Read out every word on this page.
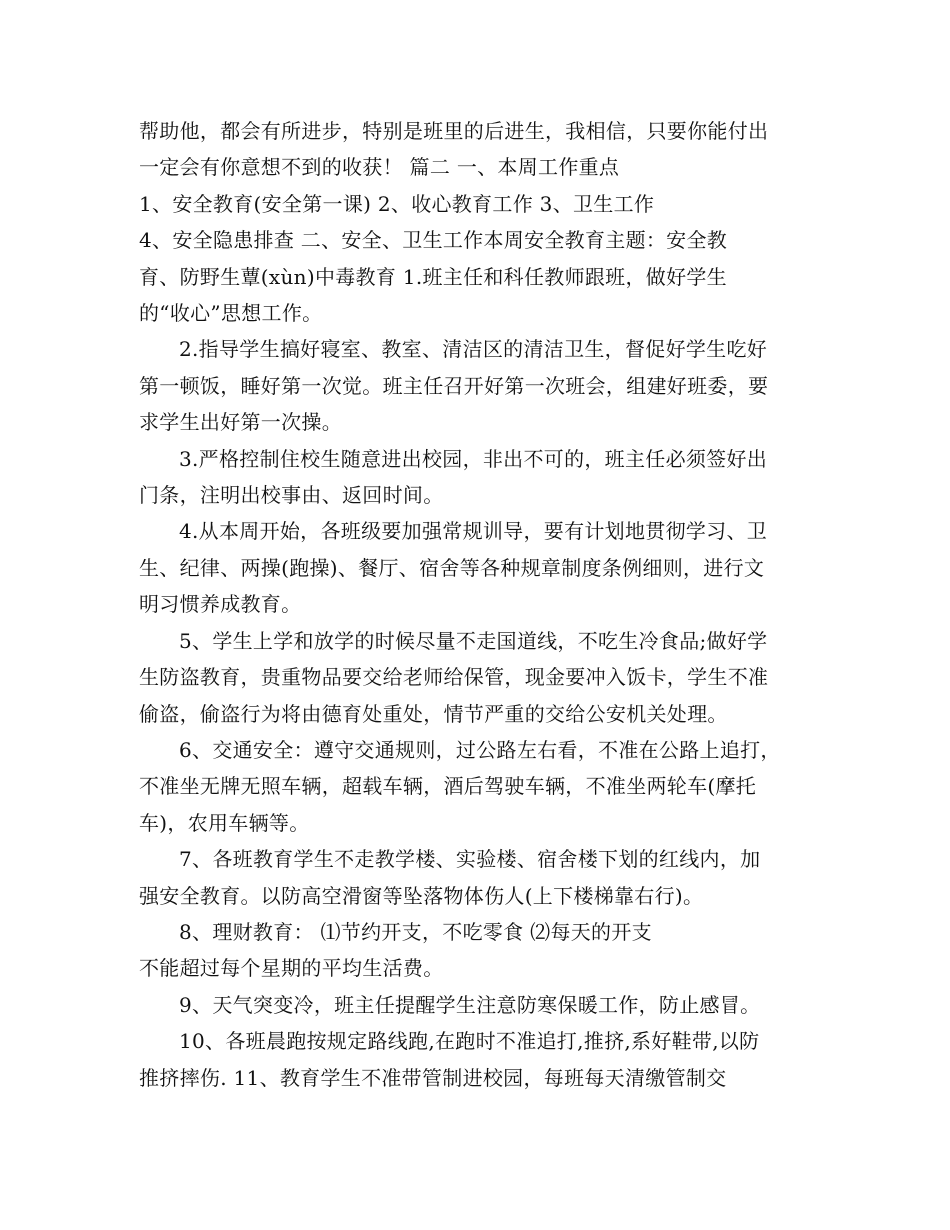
帮助他，都会有所进步，特别是班里的后进生，我相信，只要你能付出
一定会有你意想不到的收获！ 篇二 一、本周工作重点
1、安全教育(安全第一课) 2、收心教育工作 3、卫生工作
4、安全隐患排查 二、安全、卫生工作本周安全教育主题：安全教
育、防野生蕈(xùn)中毒教育 1.班主任和科任教师跟班，做好学生
的“收心”思想工作。
2.指导学生搞好寝室、教室、清洁区的清洁卫生，督促好学生吃好
第一顿饭，睡好第一次觉。班主任召开好第一次班会，组建好班委，要
求学生出好第一次操。
3.严格控制住校生随意进出校园，非出不可的，班主任必须签好出
门条，注明出校事由、返回时间。
4.从本周开始，各班级要加强常规训导，要有计划地贯彻学习、卫
生、纪律、两操(跑操)、餐厅、宿舍等各种规章制度条例细则，进行文
明习惯养成教育。
5、学生上学和放学的时候尽量不走国道线，不吃生冷食品;做好学
生防盗教育，贵重物品要交给老师给保管，现金要冲入饭卡，学生不准
偷盗，偷盗行为将由德育处重处，情节严重的交给公安机关处理。
6、交通安全：遵守交通规则，过公路左右看，不准在公路上追打，
不准坐无牌无照车辆，超载车辆，酒后驾驶车辆，不准坐两轮车(摩托
车)，农用车辆等。
7、各班教育学生不走教学楼、实验楼、宿舍楼下划的红线内，加
强安全教育。以防高空滑窗等坠落物体伤人(上下楼梯靠右行)。
8、理财教育： ⑴节约开支，不吃零食 ⑵每天的开支
不能超过每个星期的平均生活费。
9、天气突变冷，班主任提醒学生注意防寒保暖工作，防止感冒。
10、各班晨跑按规定路线跑,在跑时不准追打,推挤,系好鞋带,以防
推挤摔伤. 11、教育学生不准带管制进校园，每班每天清缴管制交
